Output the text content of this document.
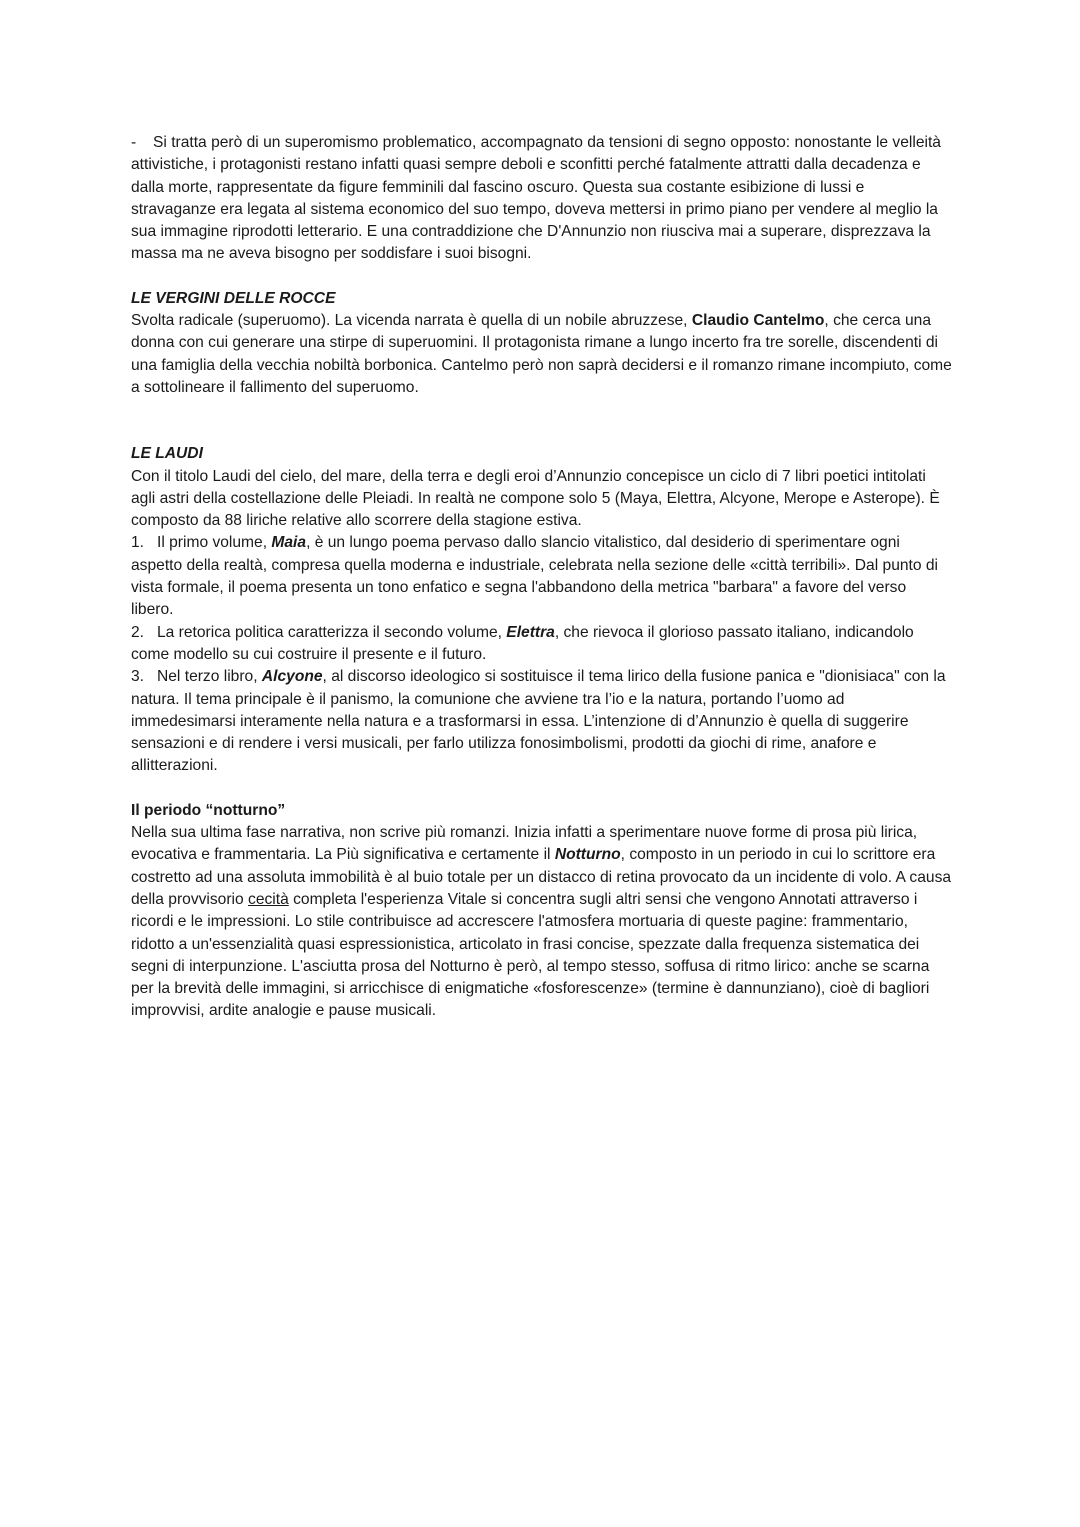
- Si tratta però di un superomismo problematico, accompagnato da tensioni di segno opposto: nonostante le velleità attivistiche, i protagonisti restano infatti quasi sempre deboli e sconfitti perché fatalmente attratti dalla decadenza e dalla morte, rappresentate da figure femminili dal fascino oscuro. Questa sua costante esibizione di lussi e stravaganze era legata al sistema economico del suo tempo, doveva mettersi in primo piano per vendere al meglio la sua immagine riprodotti letterario. E una contraddizione che D'Annunzio non riusciva mai a superare, disprezzava la massa ma ne aveva bisogno per soddisfare i suoi bisogni.

LE VERGINI DELLE ROCCE

Svolta radicale (superuomo). La vicenda narrata è quella di un nobile abruzzese, Claudio Cantelmo, che cerca una donna con cui generare una stirpe di superuomini. Il protagonista rimane a lungo incerto fra tre sorelle, discendenti di una famiglia della vecchia nobiltà borbonica. Cantelmo però non saprà decidersi e il romanzo rimane incompiuto, come a sottolineare il fallimento del superuomo.

LE LAUDI

Con il titolo Laudi del cielo, del mare, della terra e degli eroi d’Annunzio concepisce un ciclo di 7 libri poetici intitolati agli astri della costellazione delle Pleiadi. In realtà ne compone solo 5 (Maya, Elettra, Alcyone, Merope e Asterope). È composto da 88 liriche relative allo scorrere della stagione estiva.

1. Il primo volume, Maia, è un lungo poema pervaso dallo slancio vitalistico, dal desiderio di sperimentare ogni aspetto della realtà, compresa quella moderna e industriale, celebrata nella sezione delle «città terribili». Dal punto di vista formale, il poema presenta un tono enfatico e segna l'abbandono della metrica "barbara" a favore del verso libero.

2. La retorica politica caratterizza il secondo volume, Elettra, che rievoca il glorioso passato italiano, indicandolo come modello su cui costruire il presente e il futuro.

3. Nel terzo libro, Alcyone, al discorso ideologico si sostituisce il tema lirico della fusione panica e "dionisiaca" con la natura. Il tema principale è il panismo, la comunione che avviene tra l’io e la natura, portando l’uomo ad immedesimarsi interamente nella natura e a trasformarsi in essa. L’intenzione di d’Annunzio è quella di suggerire sensazioni e di rendere i versi musicali, per farlo utilizza fonosimbolismi, prodotti da giochi di rime, anafore e allitterazioni.

Il periodo “notturno”

Nella sua ultima fase narrativa, non scrive più romanzi. Inizia infatti a sperimentare nuove forme di prosa più lirica, evocativa e frammentaria. La Più significativa e certamente il Notturno, composto in un periodo in cui lo scrittore era costretto ad una assoluta immobilità è al buio totale per un distacco di retina provocato da un incidente di volo. A causa della provvisorio cecità completa l'esperienza Vitale si concentra sugli altri sensi che vengono Annotati attraverso i ricordi e le impressioni. Lo stile contribuisce ad accrescere l'atmosfera mortuaria di queste pagine: frammentario, ridotto a un'essenzialità quasi espressionistica, articolato in frasi concise, spezzate dalla frequenza sistematica dei segni di interpunzione. L'asciutta prosa del Notturno è però, al tempo stesso, soffusa di ritmo lirico: anche se scarna per la brevità delle immagini, si arricchisce di enigmatiche «fosforescenze» (termine è dannunziano), cioè di bagliori improvvisi, ardite analogie e pause musicali.
